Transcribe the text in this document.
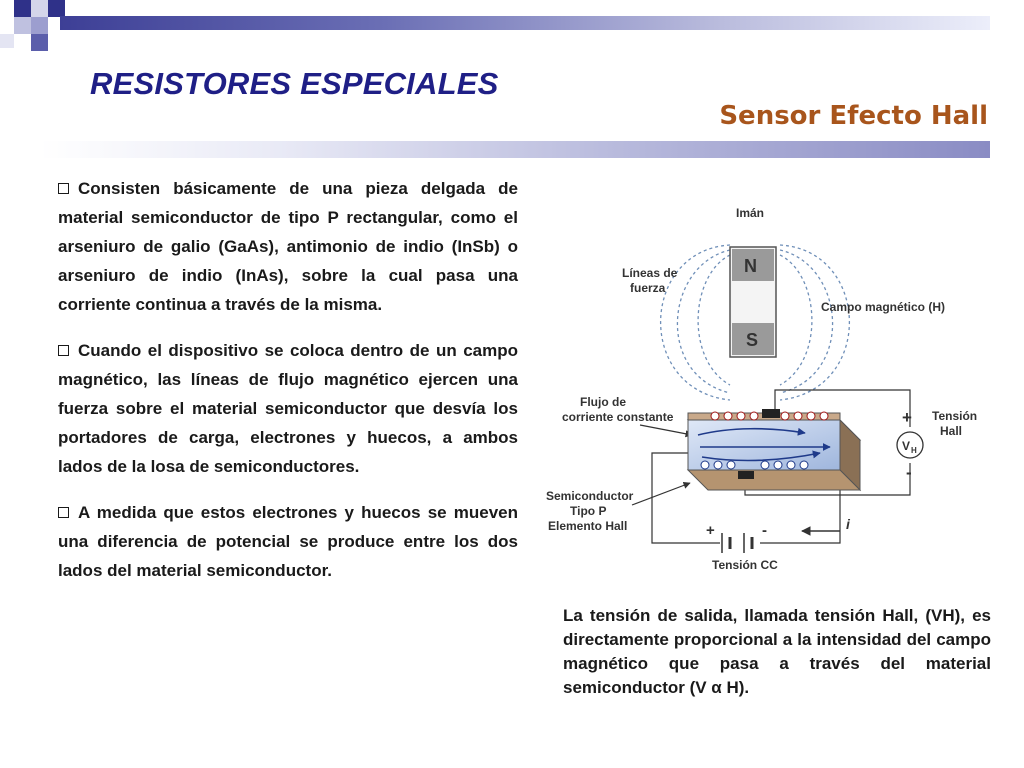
RESISTORES ESPECIALES
Sensor Efecto Hall

Consisten básicamente de una pieza delgada de material semiconductor de tipo P rectangular, como el arseniuro de galio (GaAs), antimonio de indio (InSb) o arseniuro de indio (InAs), sobre la cual pasa una corriente continua a través de la misma.

Cuando el dispositivo se coloca dentro de un campo magnético, las líneas de flujo magnético ejercen una fuerza sobre el material semiconductor que desvía los portadores de carga, electrones y huecos, a ambos lados de la losa de semiconductores.

A medida que estos electrones y huecos se mueven una diferencia de potencial se produce entre los dos lados del material semiconductor.

N
S
Imán
Líneas de
fuerza
Campo magnético (H)
Flujo de
corriente constante
V H
+
-
Tensión
Hall
Semiconductor
Tipo P
Elemento Hall	+	-
Tensión CC
i

La tensión de salida, llamada tensión Hall, (VH), es directamente proporcional a la intensidad del campo magnético que pasa a través del material semiconductor (V α H).
